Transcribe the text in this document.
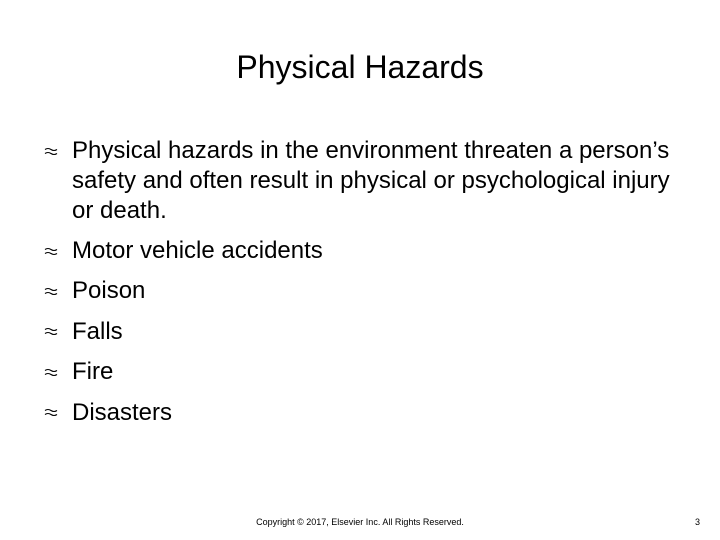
Physical Hazards
Physical hazards in the environment threaten a person’s safety and often result in physical or psychological injury or death.
Motor vehicle accidents
Poison
Falls
Fire
Disasters
Copyright © 2017, Elsevier Inc. All Rights Reserved.	3
